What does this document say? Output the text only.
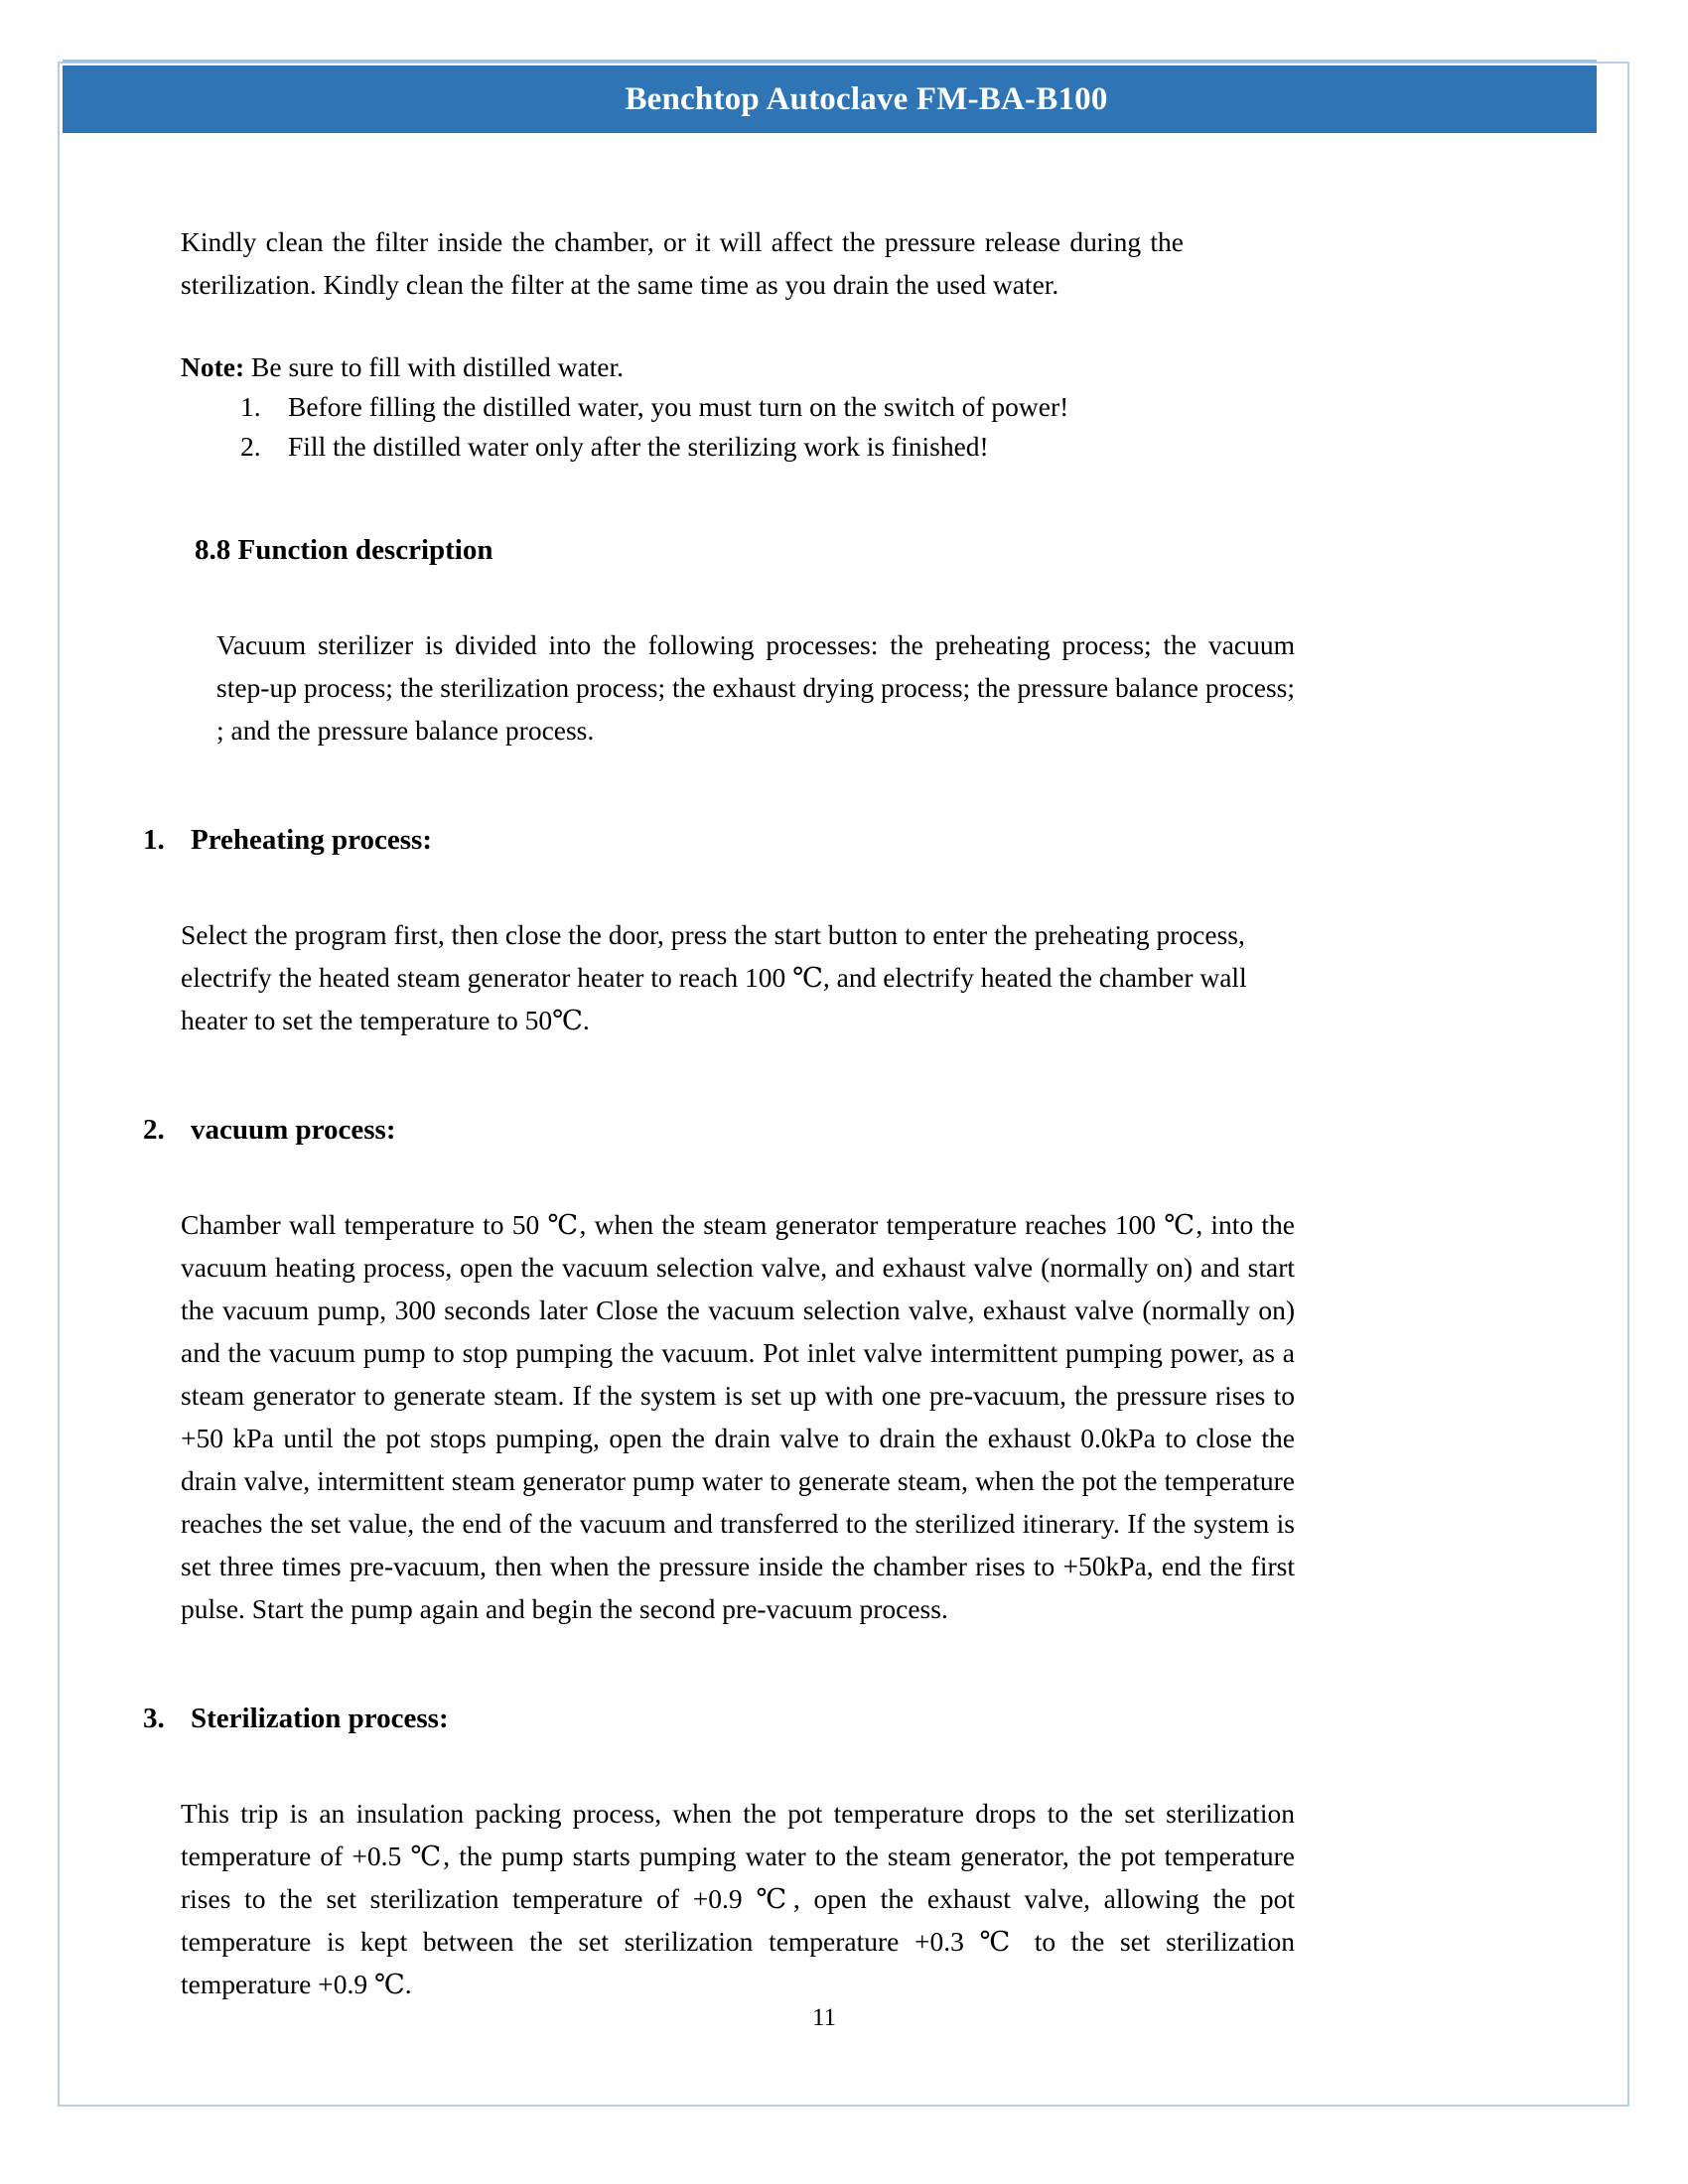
Benchtop Autoclave FM-BA-B100

Kindly clean the filter inside the chamber, or it will affect the pressure release during the sterilization. Kindly clean the filter at the same time as you drain the used water.

Note: Be sure to fill with distilled water.
1. Before filling the distilled water, you must turn on the switch of power!
2. Fill the distilled water only after the sterilizing work is finished!
8.8 Function description

Vacuum sterilizer is divided into the following processes: the preheating process; the vacuum step-up process; the sterilization process; the exhaust drying process; the pressure balance process; ; and the pressure balance process.

1. Preheating process:

Select the program first, then close the door, press the start button to enter the preheating process, electrify the heated steam generator heater to reach 100 ℃, and electrify heated the chamber wall heater to set the temperature to 50℃.

2. vacuum process:

Chamber wall temperature to 50 ℃, when the steam generator temperature reaches 100 ℃, into the vacuum heating process, open the vacuum selection valve, and exhaust valve (normally on) and start the vacuum pump, 300 seconds later Close the vacuum selection valve, exhaust valve (normally on) and the vacuum pump to stop pumping the vacuum. Pot inlet valve intermittent pumping power, as a steam generator to generate steam. If the system is set up with one pre-vacuum, the pressure rises to +50 kPa until the pot stops pumping, open the drain valve to drain the exhaust 0.0kPa to close the drain valve, intermittent steam generator pump water to generate steam, when the pot the temperature reaches the set value, the end of the vacuum and transferred to the sterilized itinerary. If the system is set three times pre-vacuum, then when the pressure inside the chamber rises to +50kPa, end the first pulse. Start the pump again and begin the second pre-vacuum process.

3. Sterilization process:

This trip is an insulation packing process, when the pot temperature drops to the set sterilization temperature of +0.5 ℃, the pump starts pumping water to the steam generator, the pot temperature rises to the set sterilization temperature of +0.9 ℃, open the exhaust valve, allowing the pot temperature is kept between the set sterilization temperature +0.3 ℃ to the set sterilization temperature +0.9 ℃.

11
